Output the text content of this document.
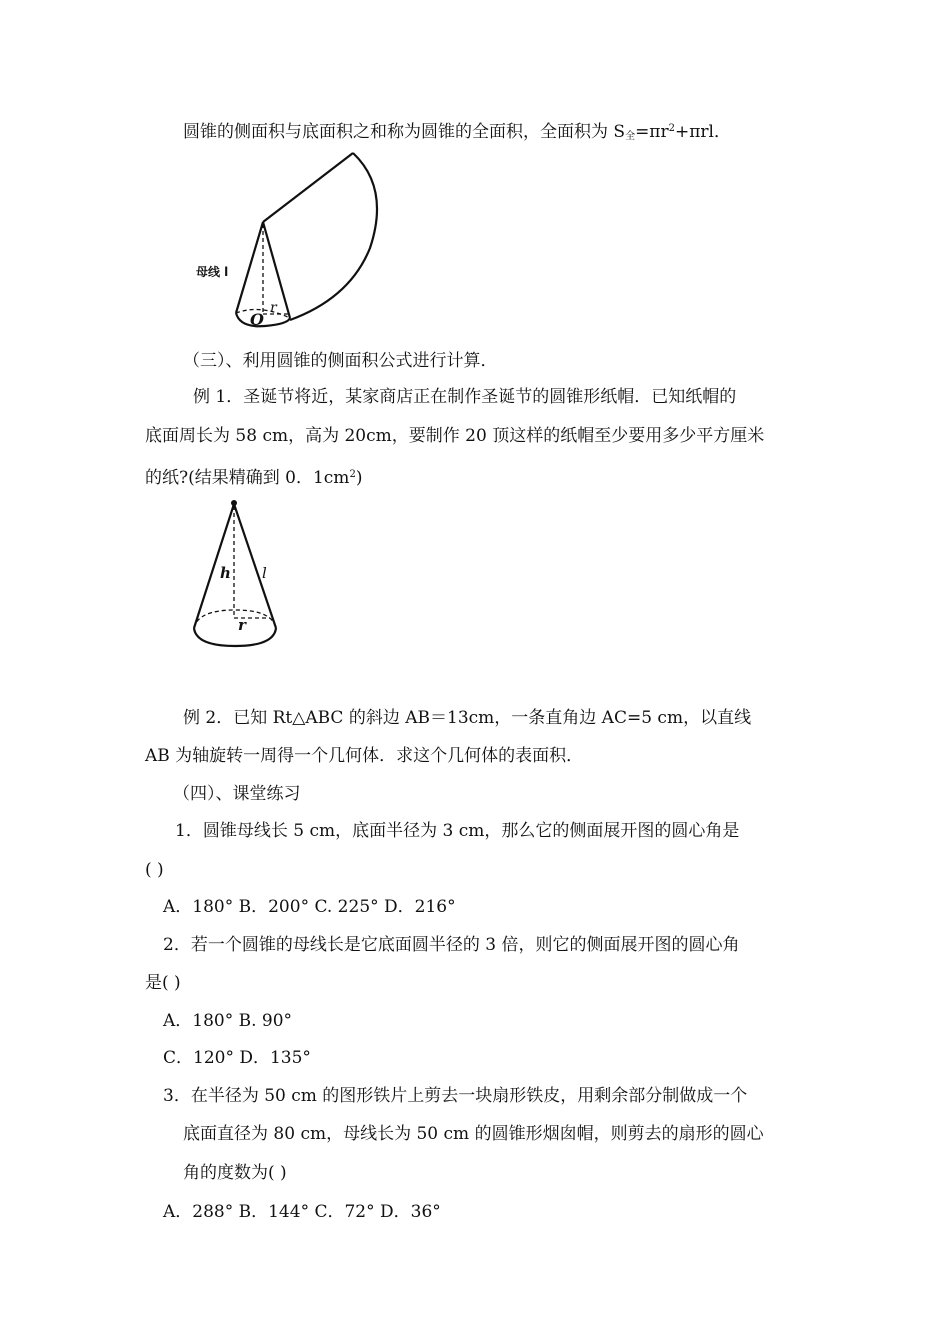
圆锥的侧面积与底面积之和称为圆锥的全面积，全面积为 $S_全=\pi r^2+\pi rl$．
母线 l
O
r
（三）、利用圆锥的侧面积公式进行计算．
例 1．圣诞节将近，某家商店正在制作圣诞节的圆锥形纸帽．已知纸帽的
底面周长为 58 cm，高为 20cm，要制作 20 顶这样的纸帽至少要用多少平方厘米
的纸?(结果精确到 0．$1cm^2$)
h l
r
例 2．已知 Rt△ABC 的斜边 AB＝13cm，一条直角边 AC=5 cm，以直线
AB 为轴旋转一周得一个几何体．求这个几何体的表面积．
（四）、课堂练习
1．圆锥母线长 5 cm，底面半径为 3 cm，那么它的侧面展开图的圆心角是
( )
A．180° B．200° C. 225° D．216°
2．若一个圆锥的母线长是它底面圆半径的 3 倍，则它的侧面展开图的圆心角
是( )
A．180° B. 90°
C．120° D．135°
3．在半径为 50 cm 的图形铁片上剪去一块扇形铁皮，用剩余部分制做成一个
底面直径为 80 cm，母线长为 50 cm 的圆锥形烟囱帽，则剪去的扇形的圆心
角的度数为( )
A．288° B．144° C．72° D．36°
